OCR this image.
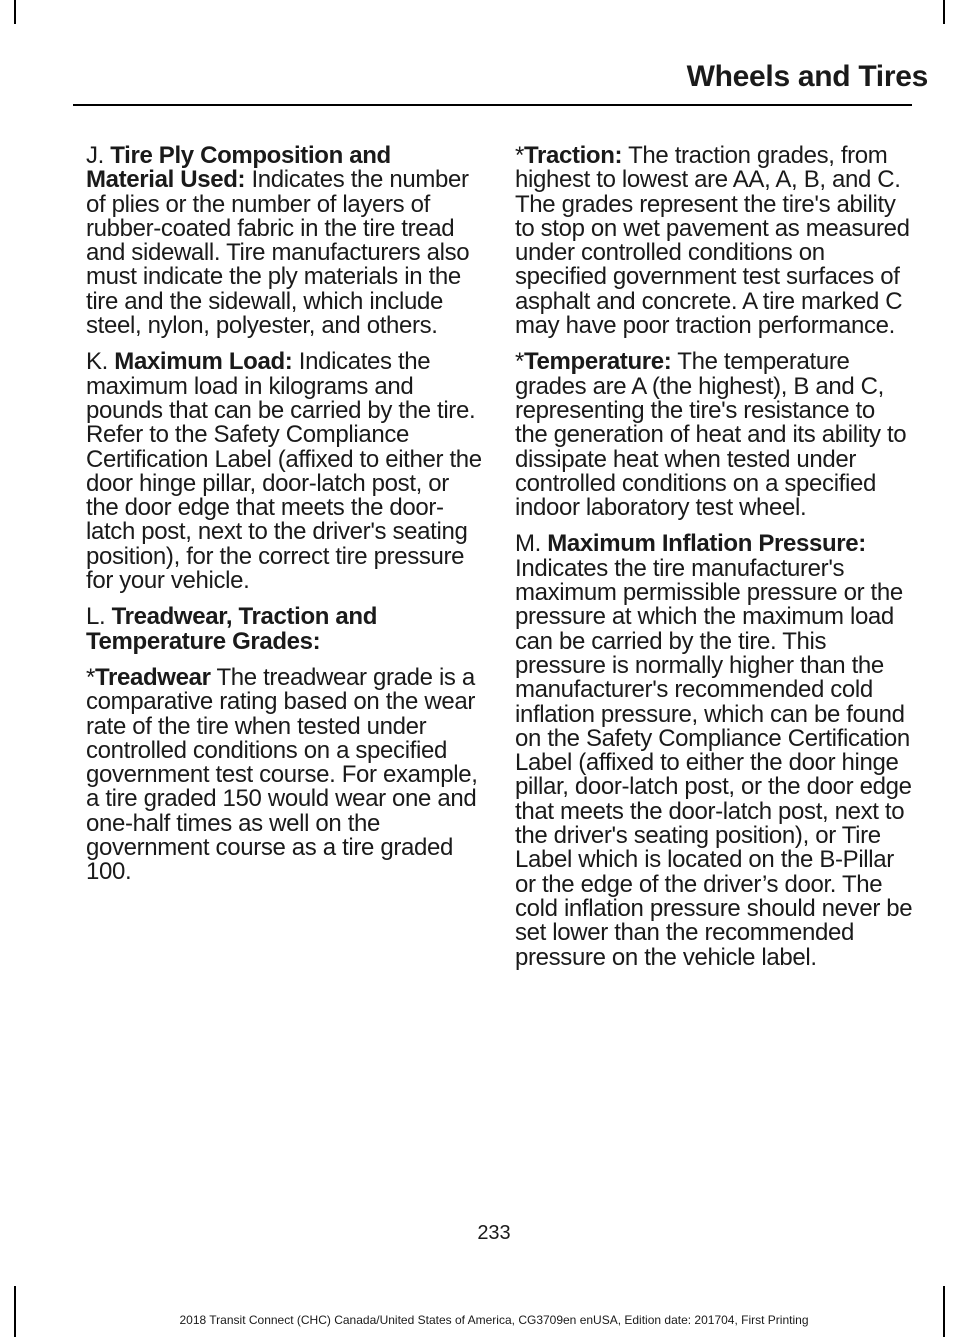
Wheels and Tires

J. Tire Ply Composition and Material Used: Indicates the number of plies or the number of layers of rubber-coated fabric in the tire tread and sidewall. Tire manufacturers also must indicate the ply materials in the tire and the sidewall, which include steel, nylon, polyester, and others.

K. Maximum Load: Indicates the maximum load in kilograms and pounds that can be carried by the tire. Refer to the Safety Compliance Certification Label (affixed to either the door hinge pillar, door-latch post, or the door edge that meets the door-latch post, next to the driver's seating position), for the correct tire pressure for your vehicle.

L. Treadwear, Traction and Temperature Grades:

*Treadwear The treadwear grade is a comparative rating based on the wear rate of the tire when tested under controlled conditions on a specified government test course. For example, a tire graded 150 would wear one and one-half times as well on the government course as a tire graded 100.

*Traction: The traction grades, from highest to lowest are AA, A, B, and C. The grades represent the tire's ability to stop on wet pavement as measured under controlled conditions on specified government test surfaces of asphalt and concrete. A tire marked C may have poor traction performance.

*Temperature: The temperature grades are A (the highest), B and C, representing the tire's resistance to the generation of heat and its ability to dissipate heat when tested under controlled conditions on a specified indoor laboratory test wheel.

M. Maximum Inflation Pressure: Indicates the tire manufacturer's maximum permissible pressure or the pressure at which the maximum load can be carried by the tire. This pressure is normally higher than the manufacturer's recommended cold inflation pressure, which can be found on the Safety Compliance Certification Label (affixed to either the door hinge pillar, door-latch post, or the door edge that meets the door-latch post, next to the driver's seating position), or Tire Label which is located on the B-Pillar or the edge of the driver’s door. The cold inflation pressure should never be set lower than the recommended pressure on the vehicle label.

233
2018 Transit Connect (CHC) Canada/United States of America, CG3709en enUSA, Edition date: 201704, First Printing
